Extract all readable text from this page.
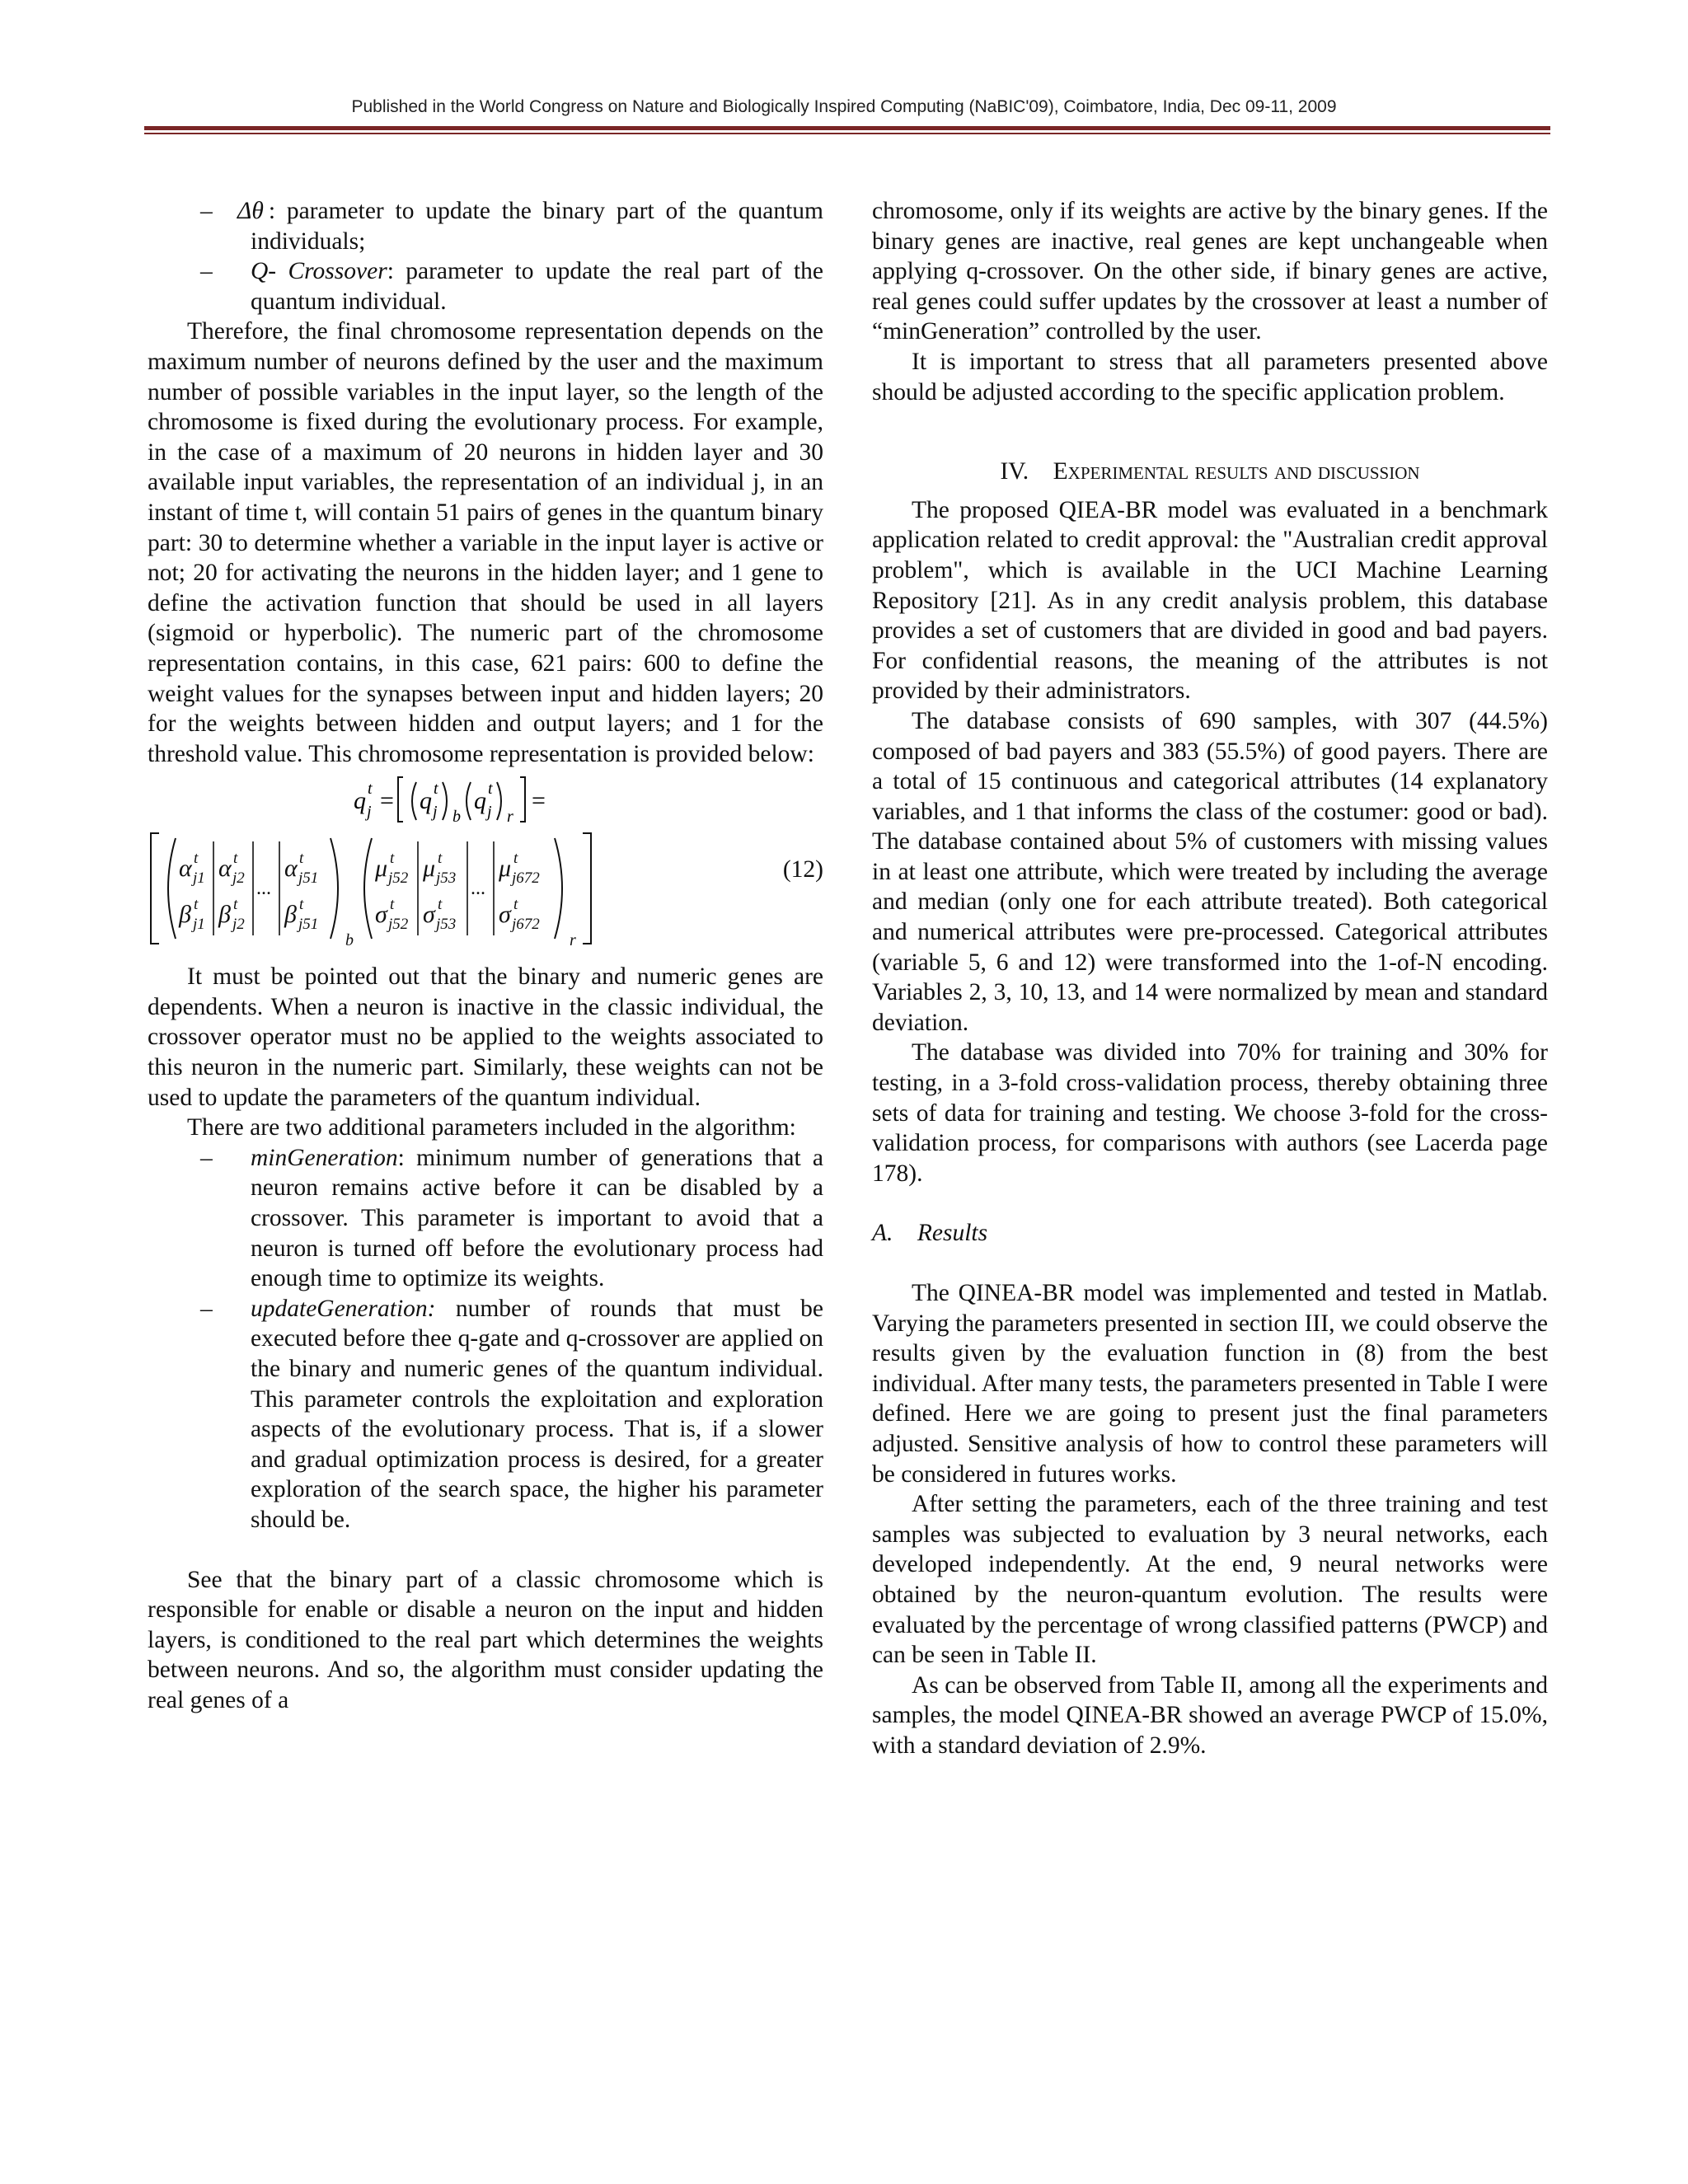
Published in the World Congress on Nature and Biologically Inspired Computing (NaBIC'09), Coimbatore, India, Dec 09-11, 2009
– Δθ : parameter to update the binary part of the quantum individuals;
– Q- Crossover: parameter to update the real part of the quantum individual.

Therefore, the final chromosome representation depends on the maximum number of neurons defined by the user and the maximum number of possible variables in the input layer, so the length of the chromosome is fixed during the evolutionary process. For example, in the case of a maximum of 20 neurons in hidden layer and 30 available input variables, the representation of an individual j, in an instant of time t, will contain 51 pairs of genes in the quantum binary part: 30 to determine whether a variable in the input layer is active or not; 20 for activating the neurons in the hidden layer; and 1 gene to define the activation function that should be used in all layers (sigmoid or hyperbolic). The numeric part of the chromosome representation contains, in this case, 621 pairs: 600 to define the weight values for the synapses between input and hidden layers; 20 for the weights between hidden and output layers; and 1 for the threshold value. This chromosome representation is provided below:

q t
j = q t
j b
q t
j r
=
α t
j1 α t
j2 ...
α t
j51
β t
j1 β t
j2 β t
j51
b
μ t
j52 μ t
j53 ...
μ t
j672
σ t
j52 σ t
j53 σ t
j672
r
(12)

It must be pointed out that the binary and numeric genes are dependents. When a neuron is inactive in the classic individual, the crossover operator must no be applied to the weights associated to this neuron in the numeric part. Similarly, these weights can not be used to update the parameters of the quantum individual.

There are two additional parameters included in the algorithm:

– minGeneration: minimum number of generations that a neuron remains active before it can be disabled by a crossover. This parameter is important to avoid that a neuron is turned off before the evolutionary process had enough time to optimize its weights.
– updateGeneration: number of rounds that must be executed before thee q-gate and q-crossover are applied on the binary and numeric genes of the quantum individual. This parameter controls the exploitation and exploration aspects of the evolutionary process. That is, if a slower and gradual optimization process is desired, for a greater exploration of the search space, the higher his parameter should be.

See that the binary part of a classic chromosome which is responsible for enable or disable a neuron on the input and hidden layers, is conditioned to the real part which determines the weights between neurons. And so, the algorithm must consider updating the real genes of a

chromosome, only if its weights are active by the binary genes. If the binary genes are inactive, real genes are kept unchangeable when applying q-crossover. On the other side, if binary genes are active, real genes could suffer updates by the crossover at least a number of “minGeneration” controlled by the user.

It is important to stress that all parameters presented above should be adjusted according to the specific application problem.

IV. Experimental results and discussion

The proposed QIEA-BR model was evaluated in a benchmark application related to credit approval: the "Australian credit approval problem", which is available in the UCI Machine Learning Repository [21]. As in any credit analysis problem, this database provides a set of customers that are divided in good and bad payers. For confidential reasons, the meaning of the attributes is not provided by their administrators.

The database consists of 690 samples, with 307 (44.5%) composed of bad payers and 383 (55.5%) of good payers. There are a total of 15 continuous and categorical attributes (14 explanatory variables, and 1 that informs the class of the costumer: good or bad). The database contained about 5% of customers with missing values in at least one attribute, which were treated by including the average and median (only one for each attribute treated). Both categorical and numerical attributes were pre-processed. Categorical attributes (variable 5, 6 and 12) were transformed into the 1-of-N encoding. Variables 2, 3, 10, 13, and 14 were normalized by mean and standard deviation.

The database was divided into 70% for training and 30% for testing, in a 3-fold cross-validation process, thereby obtaining three sets of data for training and testing. We choose 3-fold for the cross-validation process, for comparisons with authors (see Lacerda page 178).

A.    Results

The QINEA-BR model was implemented and tested in Matlab. Varying the parameters presented in section III, we could observe the results given by the evaluation function in (8) from the best individual. After many tests, the parameters presented in Table I were defined. Here we are going to present just the final parameters adjusted. Sensitive analysis of how to control these parameters will be considered in futures works.

After setting the parameters, each of the three training and test samples was subjected to evaluation by 3 neural networks, each developed independently. At the end, 9 neural networks were obtained by the neuron-quantum evolution. The results were evaluated by the percentage of wrong classified patterns (PWCP) and can be seen in Table II.

As can be observed from Table II, among all the experiments and samples, the model QINEA-BR showed an average PWCP of 15.0%, with a standard deviation of 2.9%.
